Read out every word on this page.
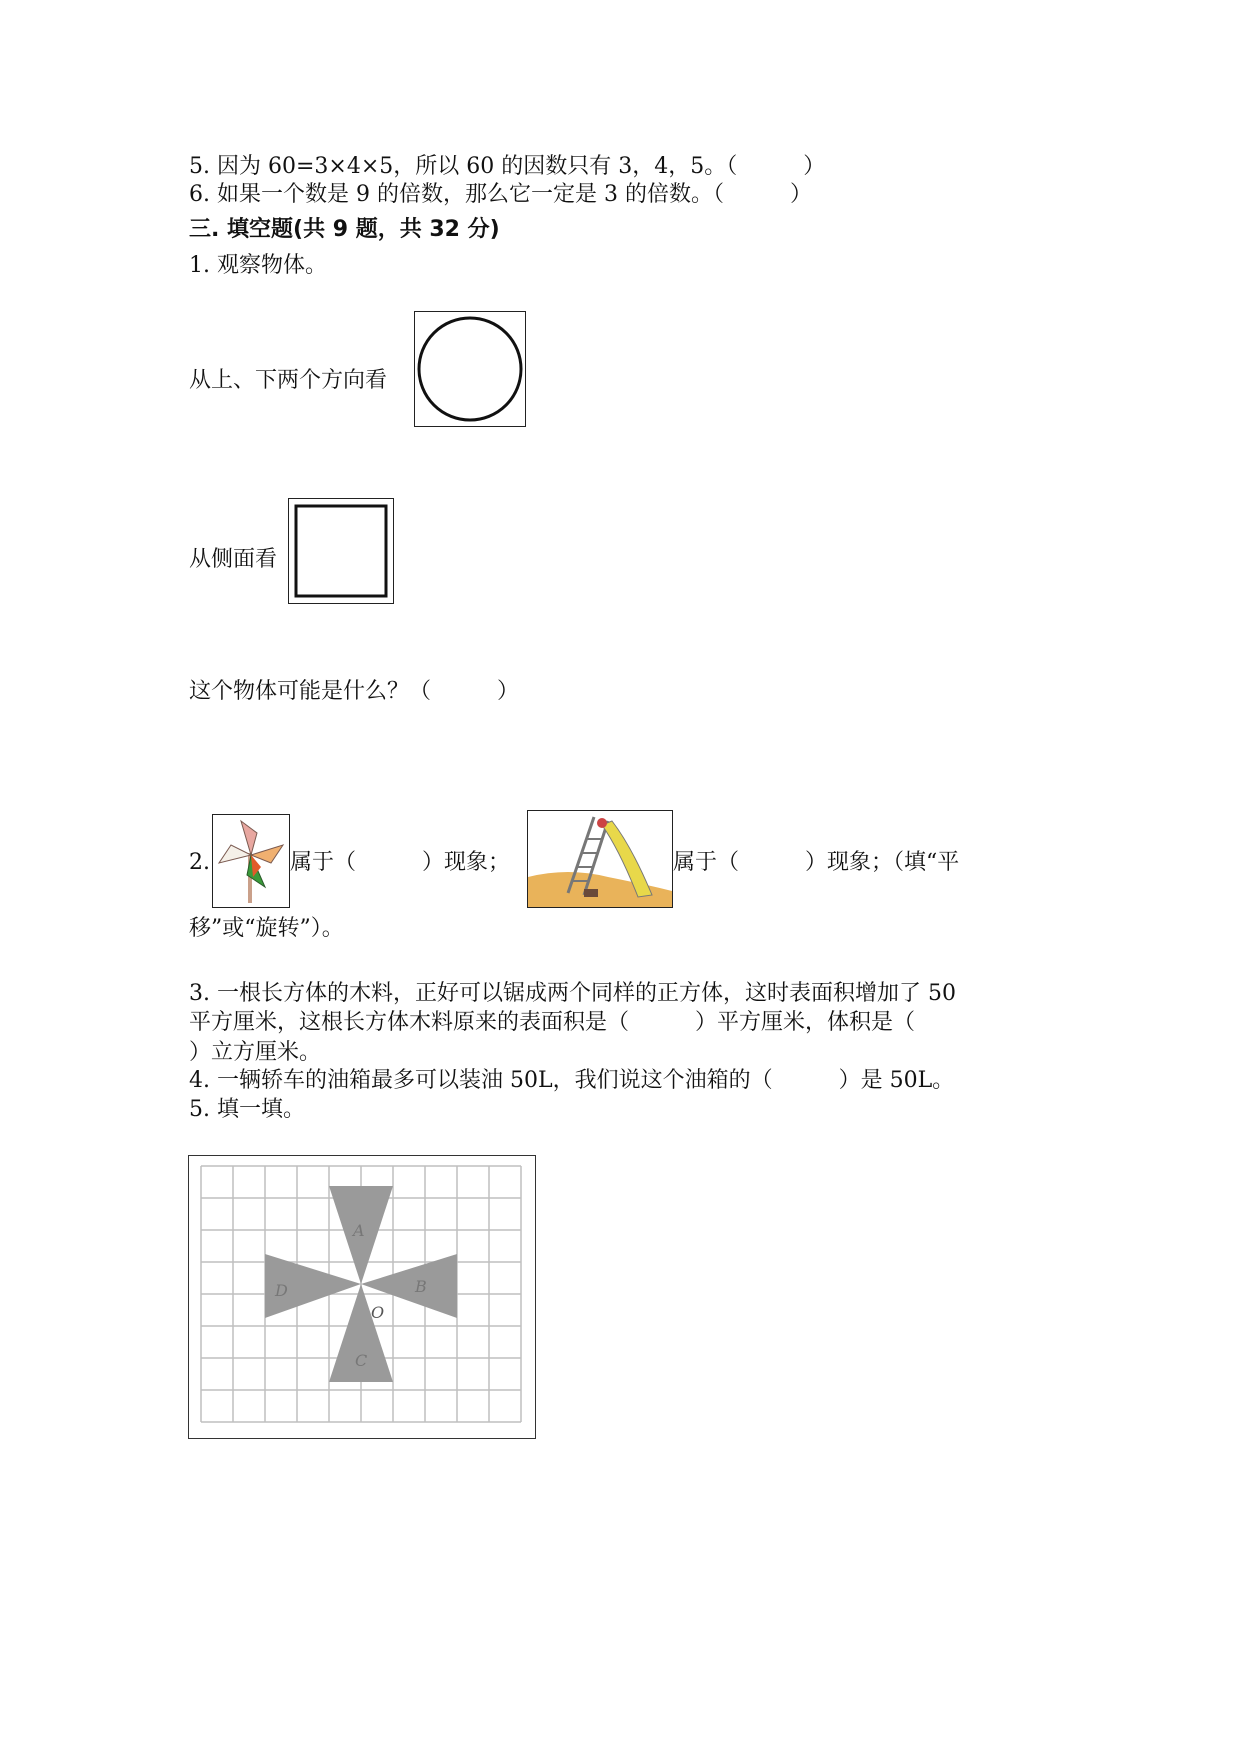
5. 因为 60=3×4×5，所以 60 的因数只有 3，4，5。（　　　）
6. 如果一个数是 9 的倍数，那么它一定是 3 的倍数。（　　　）
三. 填空题(共 9 题，共 32 分)
1. 观察物体。
从上、下两个方向看
从侧面看
这个物体可能是什么？（　　　）
2.	属于（　　　）现象；	属于（　　　）现象；（填“平
移”或“旋转”）。
3. 一根长方体的木料，正好可以锯成两个同样的正方体，这时表面积增加了 50
平方厘米，这根长方体木料原来的表面积是（　　　）平方厘米，体积是（
）立方厘米。
4. 一辆轿车的油箱最多可以装油 50L，我们说这个油箱的（　　　）是 50L。
5. 填一填。
A
B
C
D
O
